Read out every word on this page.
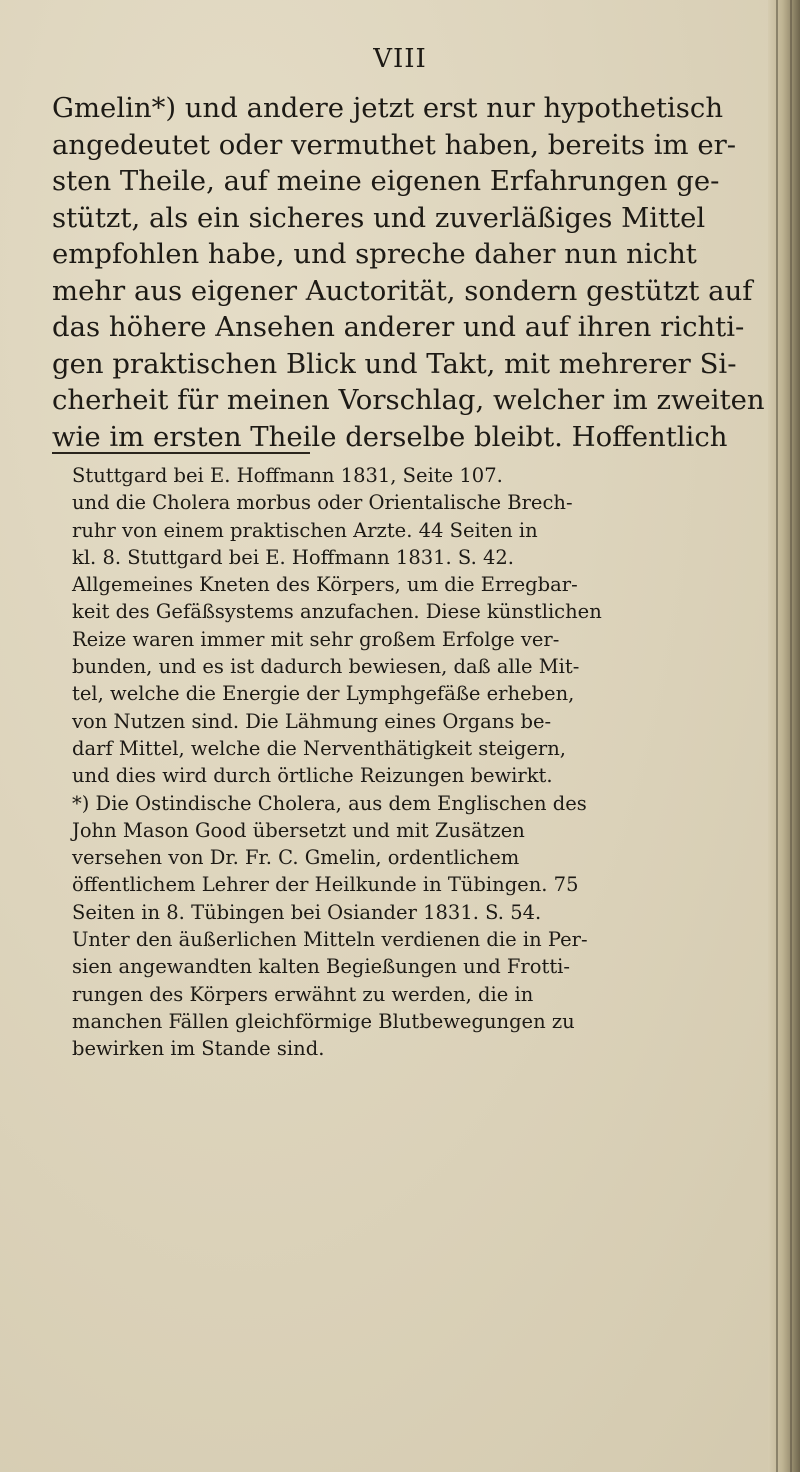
VIII
Gmelin*) und andere jetzt erst nur hypothetisch
angedeutet oder vermuthet haben, bereits im er-
sten Theile, auf meine eigenen Erfahrungen ge-
stützt, als ein sicheres und zuverläßiges Mittel
empfohlen habe, und spreche daher nun nicht
mehr aus eigener Auctorität, sondern gestützt auf
das höhere Ansehen anderer und auf ihren richti-
gen praktischen Blick und Takt, mit mehrerer Si-
cherheit für meinen Vorschlag, welcher im zweiten
wie im ersten Theile derselbe bleibt. Hoffentlich
Stuttgard bei E. Hoffmann 1831, Seite 107.
und die Cholera morbus oder Orientalische Brech-
ruhr von einem praktischen Arzte. 44 Seiten in
kl. 8. Stuttgard bei E. Hoffmann 1831. S. 42.
Allgemeines Kneten des Körpers, um die Erregbar-
keit des Gefäßsystems anzufachen. Diese künstlichen
Reize waren immer mit sehr großem Erfolge ver-
bunden, und es ist dadurch bewiesen, daß alle Mit-
tel, welche die Energie der Lymphgefäße erheben,
von Nutzen sind. Die Lähmung eines Organs be-
darf Mittel, welche die Nerventhätigkeit steigern,
und dies wird durch örtliche Reizungen bewirkt.
*) Die Ostindische Cholera, aus dem Englischen des
John Mason Good übersetzt und mit Zusätzen
versehen von Dr. Fr. C. Gmelin, ordentlichem
öffentlichem Lehrer der Heilkunde in Tübingen. 75
Seiten in 8. Tübingen bei Osiander 1831. S. 54.
Unter den äußerlichen Mitteln verdienen die in Per-
sien angewandten kalten Begießungen und Frotti-
rungen des Körpers erwähnt zu werden, die in
manchen Fällen gleichförmige Blutbewegungen zu
bewirken im Stande sind.
